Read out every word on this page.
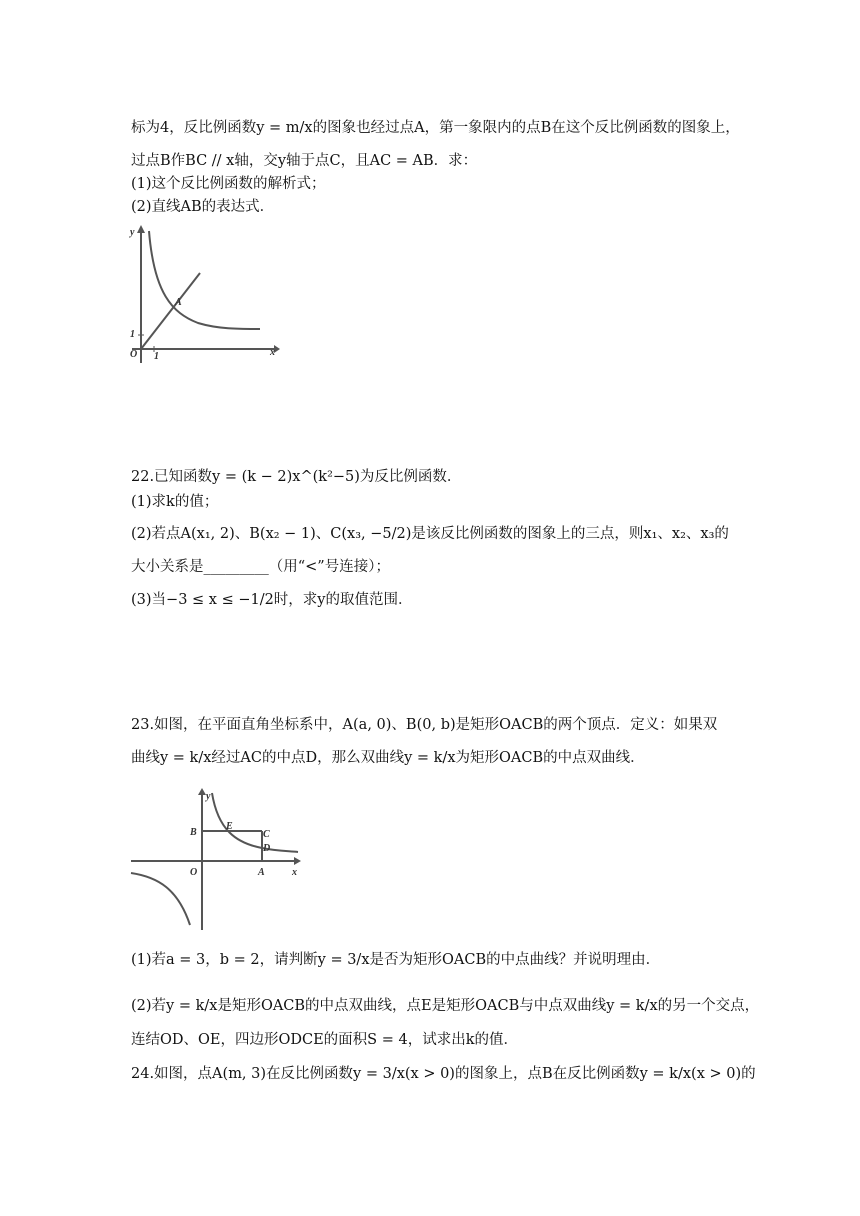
标为4，反比例函数y = m/x的图象也经过点A，第一象限内的点B在这个反比例函数的图象上，
过点B作BC // x轴，交y轴于点C，且AC = AB．求：
(1)这个反比例函数的解析式；
(2)直线AB的表达式．
y
x
O 1
1
A
22.已知函数y = (k − 2)x^(k²−5)为反比例函数．
(1)求k的值；
(2)若点A(x₁, 2)、B(x₂ − 1)、C(x₃, −5/2)是该反比例函数的图象上的三点，则x₁、x₂、x₃的
大小关系是_________（用“<”号连接）；
(3)当−3 ≤ x ≤ −1/2时，求y的取值范围．
23.如图，在平面直角坐标系中，A(a, 0)、B(0, b)是矩形OACB的两个顶点．定义：如果双
曲线y = k/x经过AC的中点D，那么双曲线y = k/x为矩形OACB的中点双曲线．
y
x
O
B
E
C
D
A
(1)若a = 3，b = 2，请判断y = 3/x是否为矩形OACB的中点曲线？并说明理由．
(2)若y = k/x是矩形OACB的中点双曲线，点E是矩形OACB与中点双曲线y = k/x的另一个交点，
连结OD、OE，四边形ODCE的面积S = 4，试求出k的值．
24.如图，点A(m, 3)在反比例函数y = 3/x(x > 0)的图象上，点B在反比例函数y = k/x(x > 0)的
